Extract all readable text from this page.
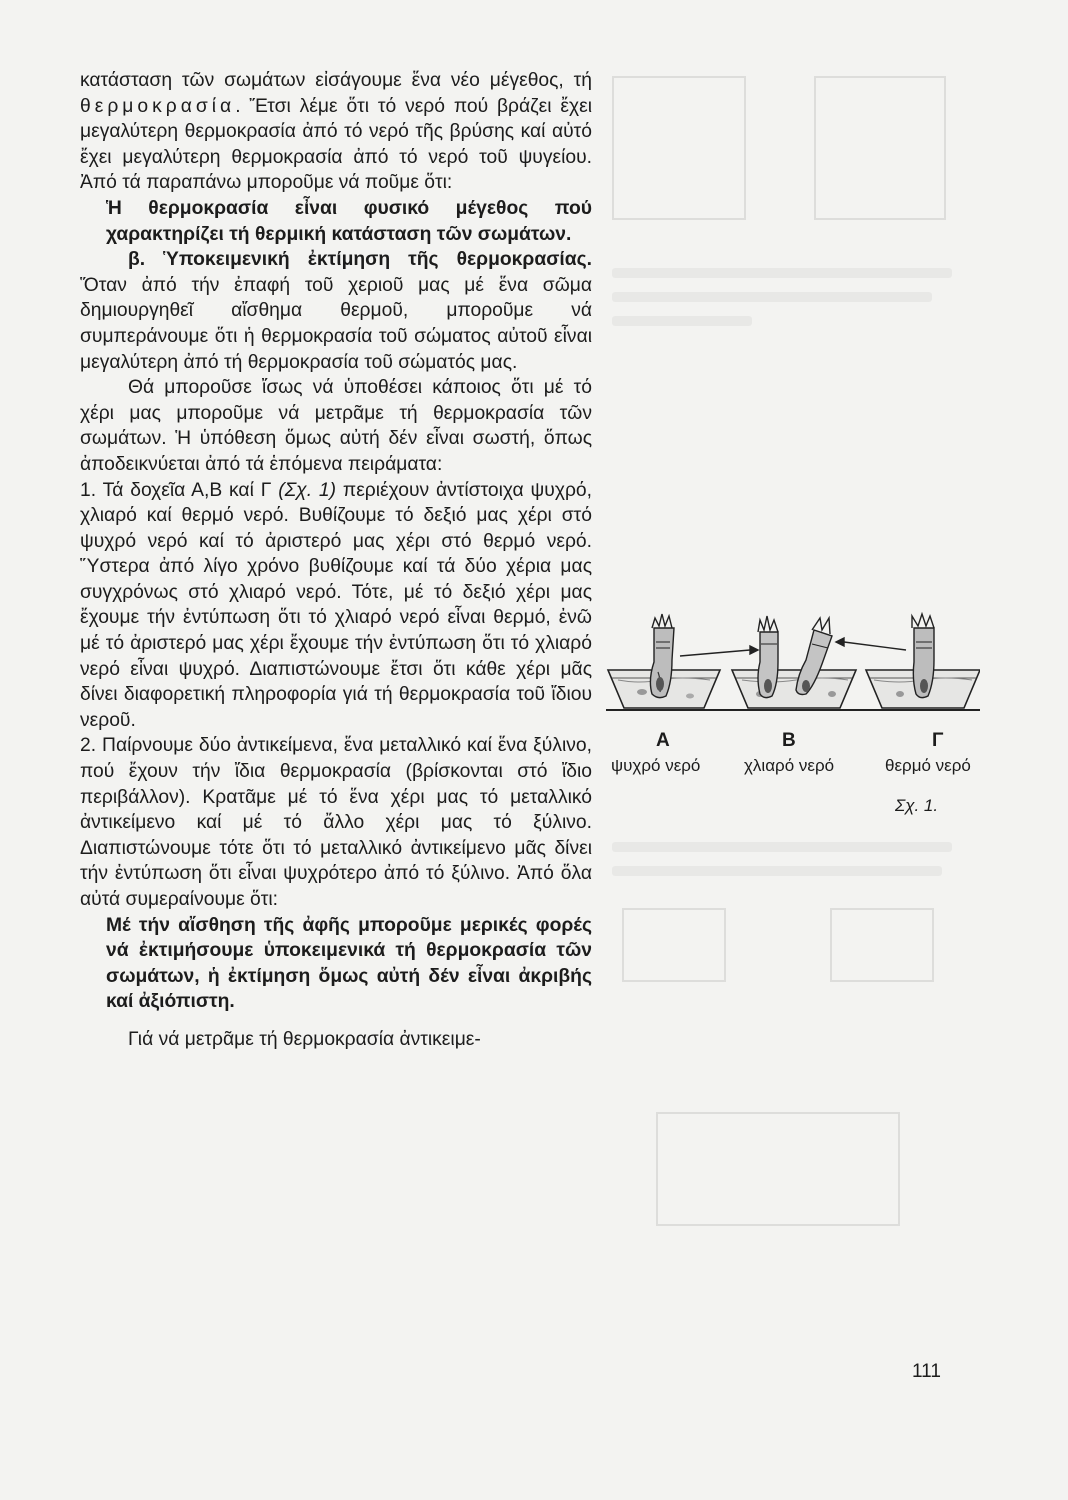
κατάσταση τῶν σωμάτων εἰσάγουμε ἕνα νέο μέγεθος, τή θερμοκρασία. Ἔτσι λέμε ὅτι τό νερό πού βράζει ἔχει μεγαλύτερη θερμοκρασία ἀπό τό νερό τῆς βρύσης καί αὐτό ἔχει μεγαλύτερη θερμοκρασία ἀπό τό νερό τοῦ ψυγείου. Ἀπό τά παραπάνω μποροῦμε νά ποῦμε ὅτι:

Ἡ θερμοκρασία εἶναι φυσικό μέγεθος πού χαρακτηρίζει τή θερμική κατάσταση τῶν σωμάτων.

β. Ὑποκειμενική ἐκτίμηση τῆς θερμοκρασίας. Ὅταν ἀπό τήν ἐπαφή τοῦ χεριοῦ μας μέ ἕνα σῶμα δημιουργηθεῖ αἴσθημα θερμοῦ, μποροῦμε νά συμπεράνουμε ὅτι ἡ θερμοκρασία τοῦ σώματος αὐτοῦ εἶναι μεγαλύτερη ἀπό τή θερμοκρασία τοῦ σώματός μας.

Θά μποροῦσε ἴσως νά ὑποθέσει κάποιος ὅτι μέ τό χέρι μας μποροῦμε νά μετρᾶμε τή θερμοκρασία τῶν σωμάτων. Ἡ ὑπόθεση ὅμως αὐτή δέν εἶναι σωστή, ὅπως ἀποδεικνύεται ἀπό τά ἑπόμενα πειράματα:

1. Τά δοχεῖα Α,Β καί Γ (Σχ. 1) περιέχουν ἀντίστοιχα ψυχρό, χλιαρό καί θερμό νερό. Βυθίζουμε τό δεξιό μας χέρι στό ψυχρό νερό καί τό ἀριστερό μας χέρι στό θερμό νερό. Ὕστερα ἀπό λίγο χρόνο βυθίζουμε καί τά δύο χέρια μας συγχρόνως στό χλιαρό νερό. Τότε, μέ τό δεξιό χέρι μας ἔχουμε τήν ἐντύπωση ὅτι τό χλιαρό νερό εἶναι θερμό, ἐνῶ μέ τό ἀριστερό μας χέρι ἔχουμε τήν ἐντύπωση ὅτι τό χλιαρό νερό εἶναι ψυχρό. Διαπιστώνουμε ἔτσι ὅτι κάθε χέρι μᾶς δίνει διαφορετική πληροφορία γιά τή θερμοκρασία τοῦ ἴδιου νεροῦ.

2. Παίρνουμε δύο ἀντικείμενα, ἕνα μεταλλικό καί ἕνα ξύλινο, πού ἔχουν τήν ἴδια θερμοκρασία (βρίσκονται στό ἴδιο περιβάλλον). Κρατᾶμε μέ τό ἕνα χέρι μας τό μεταλλικό ἀντικείμενο καί μέ τό ἄλλο χέρι μας τό ξύλινο. Διαπιστώνουμε τότε ὅτι τό μεταλλικό ἀντικείμενο μᾶς δίνει τήν ἐντύπωση ὅτι εἶναι ψυχρότερο ἀπό τό ξύλινο. Ἀπό ὅλα αὐτά συμεραίνουμε ὅτι:

Μέ τήν αἴσθηση τῆς ἀφῆς μποροῦμε μερικές φορές νά ἐκτιμήσουμε ὑποκειμενικά τή θερμοκρασία τῶν σωμάτων, ἡ ἐκτίμηση ὅμως αὐτή δέν εἶναι ἀκριβής καί ἀξιόπιστη.

Γιά νά μετρᾶμε τή θερμοκρασία ἀντικειμε-

Α	Β	Γ
ψυχρό νερό	χλιαρό νερό	θερμό νερό
Σχ. 1.
111
